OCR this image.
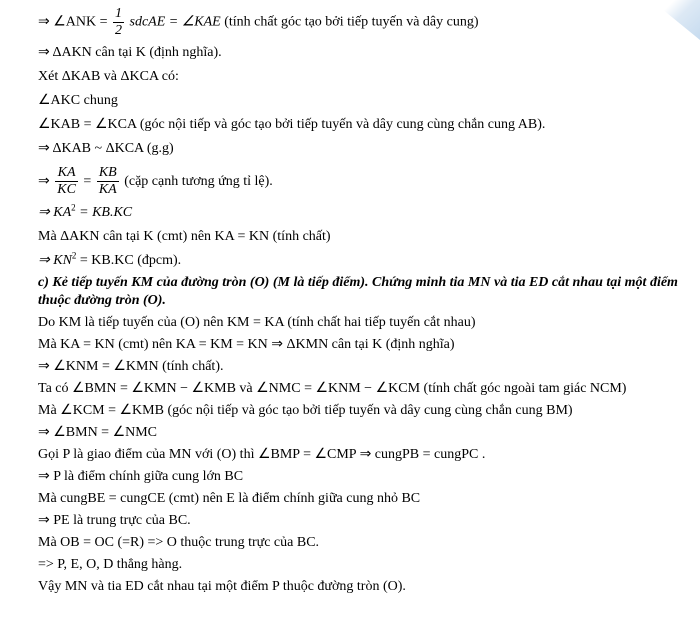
⇒ ∠ANK = $\frac{1}{2}$ sdcAE = ∠KAE (tính chất góc tạo bởi tiếp tuyến và dây cung)
⇒ ΔAKN cân tại K (định nghĩa).
Xét ΔKAB và ΔKCA có:
∠AKC chung
∠KAB = ∠KCA (góc nội tiếp và góc tạo bởi tiếp tuyến và dây cung cùng chắn cung AB).
⇒ ΔKAB ~ ΔKCA (g.g)
⇒ $\frac{KA}{KC} = \frac{KB}{KA}$ (cặp cạnh tương ứng tỉ lệ).
⇒ $KA^2 = KB.KC$
Mà ΔAKN cân tại K (cmt) nên KA = KN (tính chất)
⇒ $KN^2 = KB.KC$ (đpcm).
c) Kẻ tiếp tuyến KM của đường tròn (O) (M là tiếp điểm). Chứng minh tia MN và tia ED cắt nhau tại một điểm thuộc đường tròn (O).
Do KM là tiếp tuyến của (O) nên KM = KA (tính chất hai tiếp tuyến cắt nhau)
Mà KA = KN (cmt) nên KA = KM = KN ⇒ ΔKMN cân tại K (định nghĩa)
⇒ ∠KNM = ∠KMN (tính chất).
Ta có ∠BMN = ∠KMN − ∠KMB và ∠NMC = ∠KNM − ∠KCM (tính chất góc ngoài tam giác NCM)
Mà ∠KCM = ∠KMB (góc nội tiếp và góc tạo bởi tiếp tuyến và dây cung cùng chắn cung BM)
⇒ ∠BMN = ∠NMC
Gọi P là giao điểm của MN với (O) thì ∠BMP = ∠CMP ⇒ cungPB = cungPC .
⇒ P là điểm chính giữa cung lớn BC
Mà cungBE = cungCE (cmt) nên E là điểm chính giữa cung nhỏ BC
⇒ PE là trung trực của BC.
Mà OB = OC (=R) => O thuộc trung trực của BC.
=> P, E, O, D thẳng hàng.
Vậy MN và tia ED cắt nhau tại một điểm P thuộc đường tròn (O).
